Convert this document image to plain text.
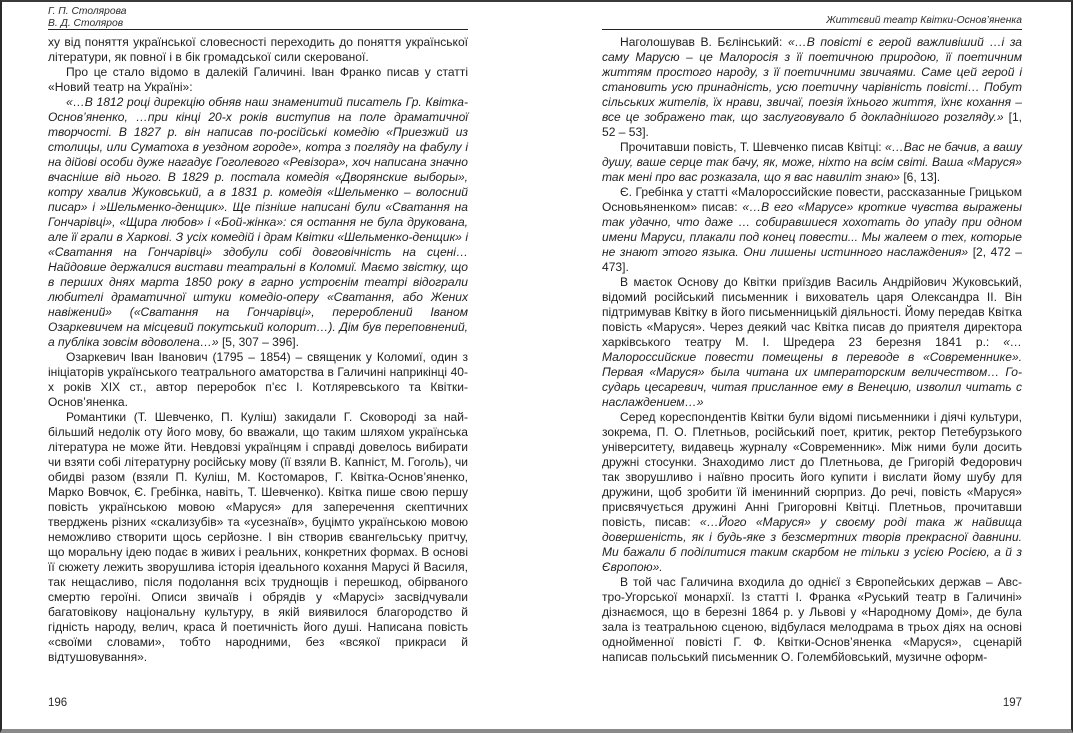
Г. П. Столярова
В. Д. Столяров

ху від поняття української словесності переходить до поняття української літератури, як повної і в бік громадської сили скерованої.

Про це стало відомо в далекій Галичині. Іван Франко писав у статті «Новий театр на Україні»:

«…В 1812 році дирекцію обняв наш знаменитий писатель Гр. Квітка-Основ’яненко, …при кінці 20-х років виступив на поле драматичної творчості. В 1827 р. він написав по-російські комедію «Приезжий из столицы, или Суматоха в уездном городе», котра з погляду на фабулу і на дійові особи дуже нагадує Гоголевого «Ревізора», хоч написана значно вчасніше від нього. В 1829 р. постала комедія «Дворянские выборы», котру хвалив Жуковський, а в 1831 р. комедія «Шельменко – волосний писар» і »Шельменко-денщик». Ще пізніше написані були «Сватання на Гончарівці», «Щира любов» і «Бой-жінка»: ся остання не була друкована, але її грали в Харкові. З усіх комедій і драм Квітки «Шельменко-денщик» і «Сватання на Гончарівці» здобули собі довговічність на сцені… Найдовше держалися вистави театральні в Коломиї. Маємо звістку, що в перших днях марта 1850 року в гарно устроєнім театрі відограли любителі драматичної штуки комедіо-оперу «Сватання, або Жених навіжений» («Сватання на Гончарівці», перероблений Іваном Озаркевичем на місцевий покутський колорит…). Дім був переповнений, а публіка зовсім вдоволена…» [5, 307 – 396].

Озаркевич Іван Іванович (1795 – 1854) – священик у Коломиї, один з ініціаторів українського театрального аматорства в Галичині наприкінці 40-х років ХІХ ст., автор переробок п’єс І. Котляревського та Квітки-Основ’яненка.

Романтики (Т. Шевченко, П. Куліш) закидали Г. Сковороді за найбільший недолік оту його мову, бо вважали, що таким шляхом українська література не може йти. Невдовзі українцям і справді довелось вибирати чи взяти собі літературну російську мову (її взяли В. Капніст, М. Гоголь), чи обидві разом (взяли П. Куліш, М. Костомаров, Г. Квітка-Основ’яненко, Марко Вовчок, Є. Гребінка, навіть, Т. Шевченко). Квітка пише свою першу повість українською мовою «Маруся» для заперечення скептичних тверджень різних «скализубів» та «усезнаїв», буцімто українською мовою неможливо створити щось серйозне. І він створив євангельську притчу, що моральну ідею подає в живих і реальних, конкретних формах. В основі її сюжету лежить зворушлива історія ідеального кохання Марусі й Василя, так нещасливо, після подолання всіх труднощів і перешкод, обірваного смертю героїні. Описи звичаїв і обрядів у «Марусі» засвідчували багатовікову національну культуру, в якій виявилося благородство й гідність народу, велич, краса й поетичність його душі. Написана повість «своїми словами», тобто народними, без «всякої прикраси й відтушовування».

196
Життєвий театр Квітки-Основ’яненка

Наголошував В. Бєлінський: «…В повісті є герой важливіший …і за саму Марусю – це Малоросія з її поетичною природою, її поетичним життям простого народу, з її поетичними звичаями. Саме цей герой і становить усю принадність, усю поетичну чарівність повісті… Побут сільських жителів, їх нрави, звичаї, поезія їхнього життя, їхнє кохання – все це зображено так, що заслуговувало б докладнішого розгляду.» [1, 52 – 53].

Прочитавши повість, Т. Шевченко писав Квітці: «…Вас не бачив, а вашу душу, ваше серце так бачу, як, може, ніхто на всім світі. Ваша «Маруся» так мені про вас розказала, що я вас навиліт знаю» [6, 13].

Є. Гребінка у статті «Малороссийские повести, рассказанные Грицьком Основьяненком» писав: «…В его «Марусе» кроткие чувства выражены так удачно, что даже … собиравшиеся хохотать до упаду при одном имени Маруси, плакали под конец повести... Мы жалеем о тех, которые не знают этого языка. Они лишены истинного наслаждения» [2, 472 – 473].

В маєток Основу до Квітки приїздив Василь Андрійович Жуковський, відомий російський письменник і вихователь царя Олександра ІІ. Він підтримував Квітку в його письменницькій діяльності. Йому передав Квітка повість «Маруся». Через деякий час Квітка писав до приятеля директора харківського театру М. І. Шредера 23 березня 1841 р.: «… Малороссийские повести помещены в переводе в «Современнике». Первая «Маруся» была читана их императорским величеством… Государь цесаревич, читая присланное ему в Венецию, изволил читать с наслаждением…»

Серед кореспондентів Квітки були відомі письменники і діячі культури, зокрема, П. О. Плетньов, російський поет, критик, ректор Петебурзького університету, видавець журналу «Современник». Між ними були досить дружні стосунки. Знаходимо лист до Плетньова, де Григорій Федорович так зворушливо і наївно просить його купити і вислати йому шубу для дружини, щоб зробити їй іменинний сюрприз. До речі, повість «Маруся» присвячується дружині Анні Григоровні Квітці. Плетньов, прочитавши повість, писав: «…Його «Маруся» у своєму роді така ж найвища довершеність, як і будь-яке з безсмертних творів прекрасної давнини. Ми бажали б поділитися таким скарбом не тільки з усією Росією, а й з Європою».

В той час Галичина входила до однієї з Європейських держав – Австро-Угорської монархії. Із статті І. Франка «Руський театр в Галичині» дізнаємося, що в березні 1864 р. у Львові у «Народному Домі», де була зала із театральною сценою, відбулася мелодрама в трьох діях на основі однойменної повісті Г. Ф. Квітки-Основ’яненка «Маруся», сценарій написав польський письменник О. Голембйовський, музичне оформ-

197
